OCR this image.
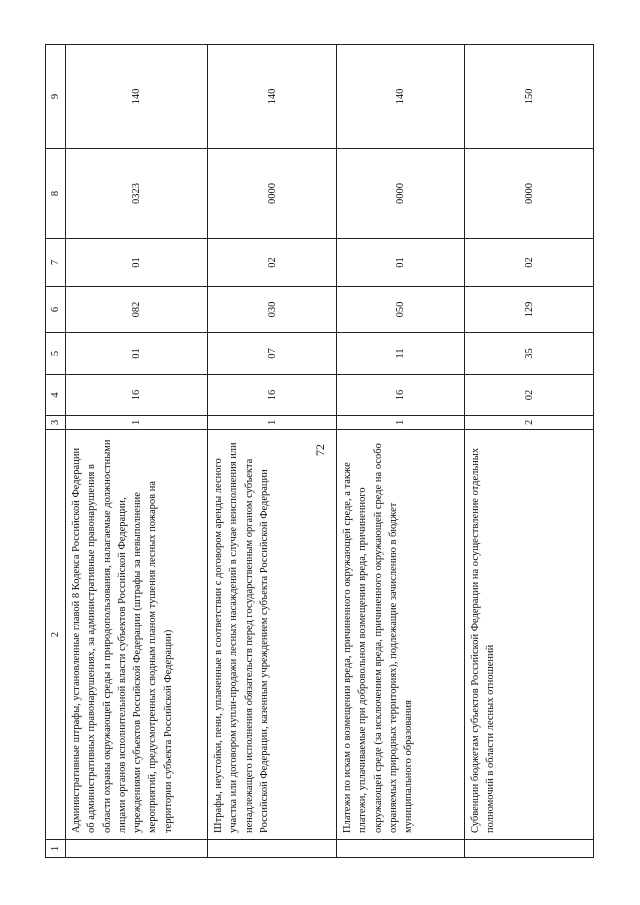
72
1	2	3	4	5	6	7	8	9
	Административные штрафы, установленные главой 8 Кодекса Российской Федерации об административных правонарушениях, за административные правонарушения в области охраны окружающей среды и природопользования, налагаемые должностными лицами органов исполнительной власти субъектов Российской Федерации, учреждениями субъектов Российской Федерации (штрафы за невыполнение мероприятий, предусмотренных сводным планом тушения лесных пожаров на территории субъекта Российской Федерации)	1	16	01	082	01	0323	140
	Штрафы, неустойки, пени, уплаченные в соответствии с договором аренды лесного участка или договором купли-продажи лесных насаждений в случае неисполнения или ненадлежащего исполнения обязательств перед государственным органом субъекта Российской Федерации, казенным учреждением субъекта Российской Федерации	1	16	07	030	02	0000	140
	Платежи по искам о возмещении вреда, причиненного окружающей среде, а также платежи, уплачиваемые при добровольном возмещении вреда, причиненного окружающей среде (за исключением вреда, причиненного окружающей среде на особо охраняемых природных территориях), подлежащие зачислению в бюджет муниципального образования	1	16	11	050	01	0000	140
	Субвенции бюджетам субъектов Российской Федерации на осуществление отдельных полномочий в области лесных отношений	2	02	35	129	02	0000	150
